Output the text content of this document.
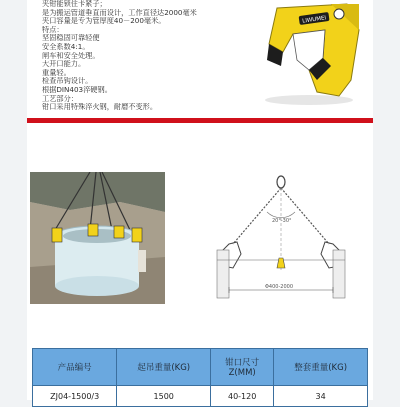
夹钳能锁住卡紧子；
是为搬运管道垂直而设计，工作直径达2000毫米
夹口容量是专为管厚度40－200毫米。
特点：
坚固稳固可靠轻便
安全系数4:1。
闸车和安全处理。
大开口能力。
重量轻。
检查吊钩设计。
根据DIN403淬硬钢。
工艺部分：
钳口采用特殊淬火钢，耐磨不变形。
LIWUMEI
20°-30°
Φ400-2000
产品编号	起吊重量(KG)	钳口尺寸
Z(MM)	整套重量(KG)
ZJ04-1500/3	1500	40-120	34
